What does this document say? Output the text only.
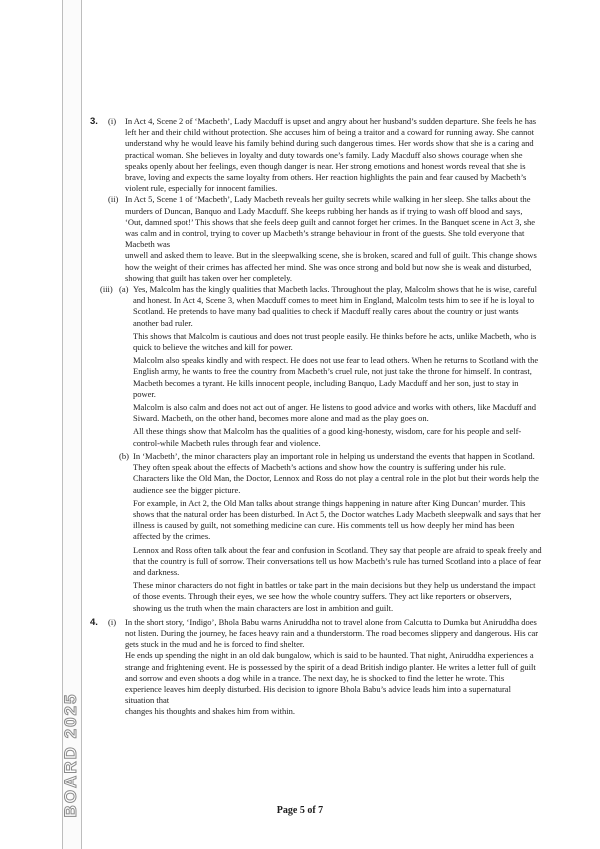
BOARD 2025
3. (i) In Act 4, Scene 2 of ‘Macbeth’, Lady Macduff is upset and angry about her husband’s sudden departure. She feels he has left her and their child without protection. She accuses him of being a traitor and a coward for running away. She cannot understand why he would leave his family behind during such dangerous times. Her words show that she is a caring and practical woman. She believes in loyalty and duty towards one’s family. Lady Macduff also shows courage when she speaks openly about her feelings, even though danger is near. Her strong emotions and honest words reveal that she is brave, loving and expects the same loyalty from others. Her reaction highlights the pain and fear caused by Macbeth’s violent rule, especially for innocent families.

(ii) In Act 5, Scene 1 of ‘Macbeth’, Lady Macbeth reveals her guilty secrets while walking in her sleep. She talks about the murders of Duncan, Banquo and Lady Macduff. She keeps rubbing her hands as if trying to wash off blood and says, ‘Out, damned spot!’ This shows that she feels deep guilt and cannot forget her crimes. In the Banquet scene in Act 3, she was calm and in control, trying to cover up Macbeth’s strange behaviour in front of the guests. She told everyone that Macbeth was

unwell and asked them to leave. But in the sleepwalking scene, she is broken, scared and full of guilt. This change shows how the weight of their crimes has affected her mind. She was once strong and bold but now she is weak and disturbed, showing that guilt has taken over her completely.

(iii) (a) Yes, Malcolm has the kingly qualities that Macbeth lacks. Throughout the play, Malcolm shows that he is wise, careful and honest. In Act 4, Scene 3, when Macduff comes to meet him in England, Malcolm tests him to see if he is loyal to Scotland. He pretends to have many bad qualities to check if Macduff really cares about the country or just wants another bad ruler.

This shows that Malcolm is cautious and does not trust people easily. He thinks before he acts, unlike Macbeth, who is quick to believe the witches and kill for power.

Malcolm also speaks kindly and with respect. He does not use fear to lead others. When he returns to Scotland with the English army, he wants to free the country from Macbeth’s cruel rule, not just take the throne for himself. In contrast, Macbeth becomes a tyrant. He kills innocent people, including Banquo, Lady Macduff and her son, just to stay in power.

Malcolm is also calm and does not act out of anger. He listens to good advice and works with others, like Macduff and Siward. Macbeth, on the other hand, becomes more alone and mad as the play goes on.

All these things show that Malcolm has the qualities of a good king-honesty, wisdom, care for his people and self-control-while Macbeth rules through fear and violence.

(b) In ‘Macbeth’, the minor characters play an important role in helping us understand the events that happen in Scotland. They often speak about the effects of Macbeth’s actions and show how the country is suffering under his rule. Characters like the Old Man, the Doctor, Lennox and Ross do not play a central role in the plot but their words help the audience see the bigger picture.

For example, in Act 2, the Old Man talks about strange things happening in nature after King Duncan’ murder. This shows that the natural order has been disturbed. In Act 5, the Doctor watches Lady Macbeth sleepwalk and says that her illness is caused by guilt, not something medicine can cure. His comments tell us how deeply her mind has been affected by the crimes.

Lennox and Ross often talk about the fear and confusion in Scotland. They say that people are afraid to speak freely and that the country is full of sorrow. Their conversations tell us how Macbeth’s rule has turned Scotland into a place of fear and darkness.

These minor characters do not fight in battles or take part in the main decisions but they help us understand the impact of those events. Through their eyes, we see how the whole country suffers. They act like reporters or observers, showing us the truth when the main characters are lost in ambition and guilt.

4. (i) In the short story, ‘Indigo’, Bhola Babu warns Aniruddha not to travel alone from Calcutta to Dumka but Aniruddha does not listen. During the journey, he faces heavy rain and a thunderstorm. The road becomes slippery and dangerous. His car gets stuck in the mud and he is forced to find shelter.

He ends up spending the night in an old dak bungalow, which is said to be haunted. That night, Aniruddha experiences a strange and frightening event. He is possessed by the spirit of a dead British indigo planter. He writes a letter full of guilt and sorrow and even shoots a dog while in a trance. The next day, he is shocked to find the letter he wrote. This experience leaves him deeply disturbed. His decision to ignore Bhola Babu’s advice leads him into a supernatural situation that

changes his thoughts and shakes him from within.

Page 5 of 7
